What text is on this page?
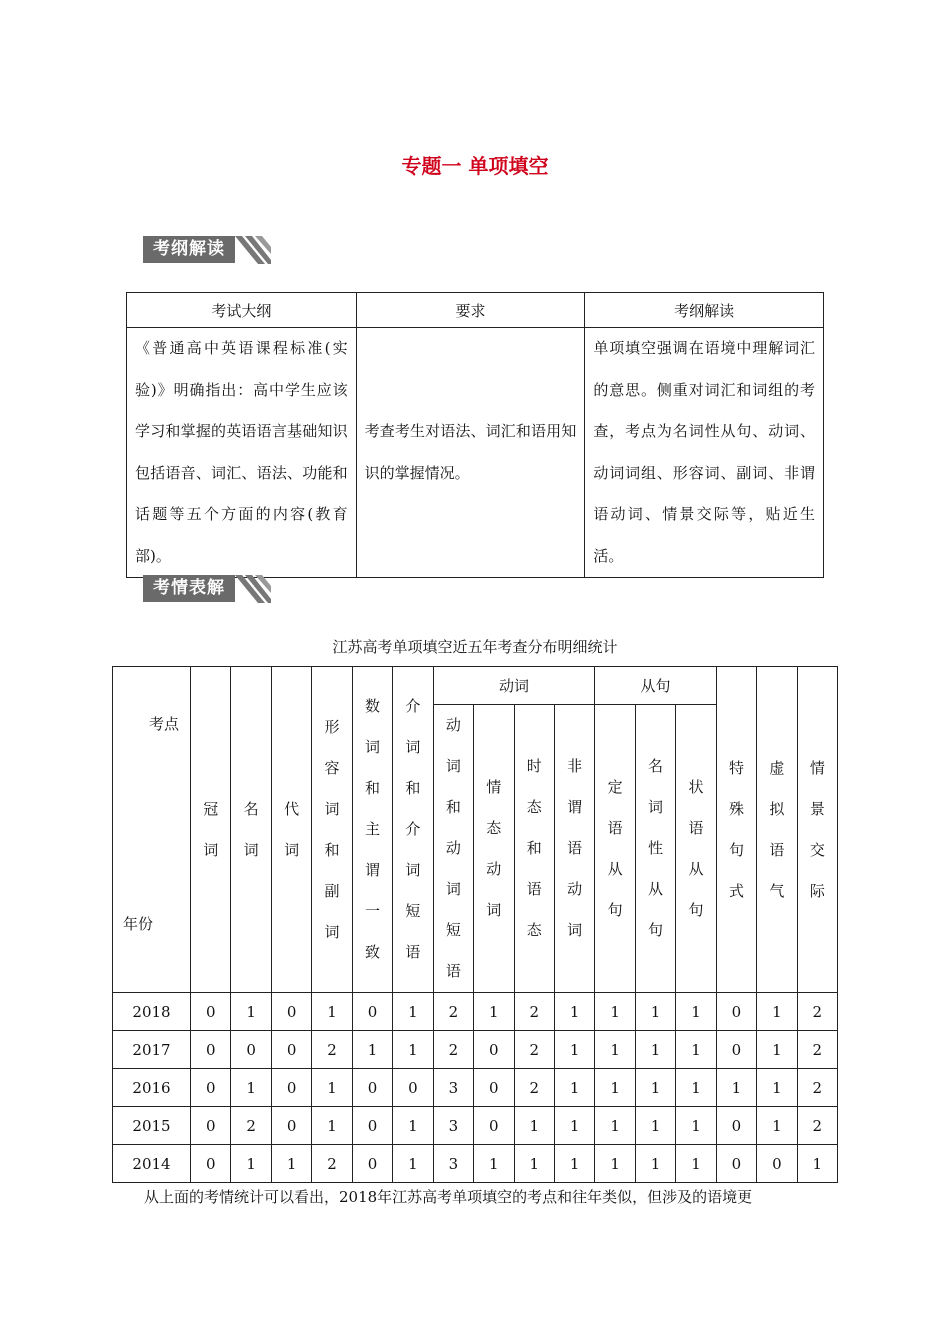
专题一 单项填空
考纲解读
考试大纲	要求	考纲解读
《普通高中英语课程标准(实验)》明确指出：高中学生应该学习和掌握的英语语言基础知识包括语音、词汇、语法、功能和话题等五个方面的内容(教育部)。	考查考生对语法、词汇和语用知识的掌握情况。	单项填空强调在语境中理解词汇的意思。侧重对词汇和词组的考查，考点为名词性从句、动词、动词词组、形容词、副词、非谓语动词、情景交际等，贴近生活。
考情表解
江苏高考单项填空近五年考查分布明细统计
考点
年份	冠词	名词	代词	形容词和副词	数词和主谓一致	介词和介词短语	动词				从句			特殊句式	虚拟语气	情景交际
							动词和动词短语	情态动词	时态和语态	非谓语动词	定语从句	名词性从句	状语从句			
2018	0	1	0	1	0	1	2	1	2	1	1	1	1	0	1	2
2017	0	0	0	2	1	1	2	0	2	1	1	1	1	0	1	2
2016	0	1	0	1	0	0	3	0	2	1	1	1	1	1	1	2
2015	0	2	0	1	0	1	3	0	1	1	1	1	1	0	1	2
2014	0	1	1	2	0	1	3	1	1	1	1	1	1	0	0	1
从上面的考情统计可以看出，2018年江苏高考单项填空的考点和往年类似，但涉及的语境更
